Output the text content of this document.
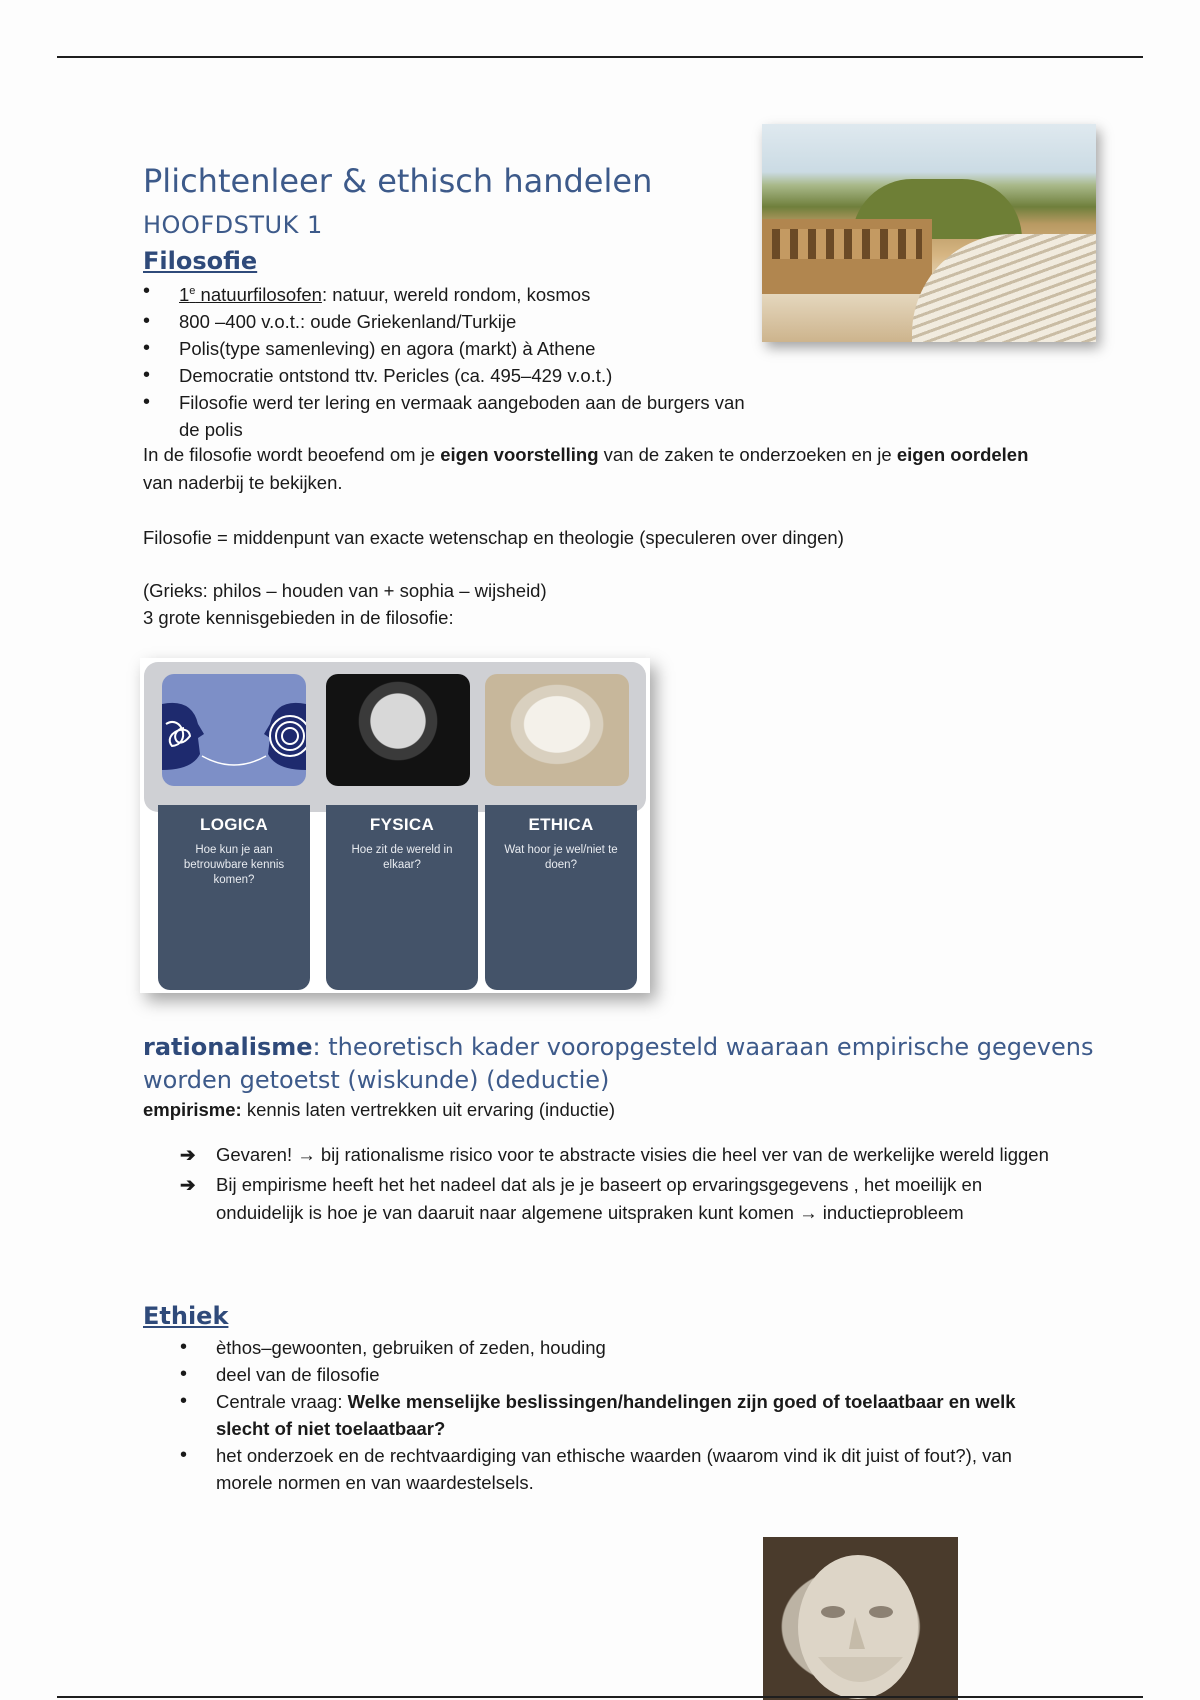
Plichtenleer & ethisch handelen
HOOFDSTUK 1
Filosofie
• 1e natuurfilosofen: natuur, wereld rondom, kosmos
• 800 –400 v.o.t.: oude Griekenland/Turkije
• Polis(type samenleving) en agora (markt) à Athene
• Democratie ontstond ttv. Pericles (ca. 495–429 v.o.t.)
• Filosofie werd ter lering en vermaak aangeboden aan de burgers van de polis

In de filosofie wordt beoefend om je eigen voorstelling van de zaken te onderzoeken en je eigen oordelen van naderbij te bekijken.

Filosofie = middenpunt van exacte wetenschap en theologie (speculeren over dingen)

(Grieks: philos – houden van + sophia – wijsheid)

3 grote kennisgebieden in de filosofie:

LOGICA
Hoe kun je aan betrouwbare kennis komen?
FYSICA
Hoe zit de wereld in elkaar?
ETHICA
Wat hoor je wel/niet te doen?
rationalisme: theoretisch kader vooropgesteld waaraan empirische gegevens worden getoetst (wiskunde) (deductie)

empirisme: kennis laten vertrekken uit ervaring (inductie)

➔ Gevaren! → bij rationalisme risico voor te abstracte visies die heel ver van de werkelijke wereld liggen
➔ Bij empirisme heeft het het nadeel dat als je je baseert op ervaringsgegevens , het moeilijk en onduidelijk is hoe je van daaruit naar algemene uitspraken kunt komen → inductieprobleem
Ethiek
• èthos–gewoonten, gebruiken of zeden, houding
• deel van de filosofie
• Centrale vraag: Welke menselijke beslissingen/handelingen zijn goed of toelaatbaar en welk slecht of niet toelaatbaar?
• het onderzoek en de rechtvaardiging van ethische waarden (waarom vind ik dit juist of fout?), van morele normen en van waardestelsels.
